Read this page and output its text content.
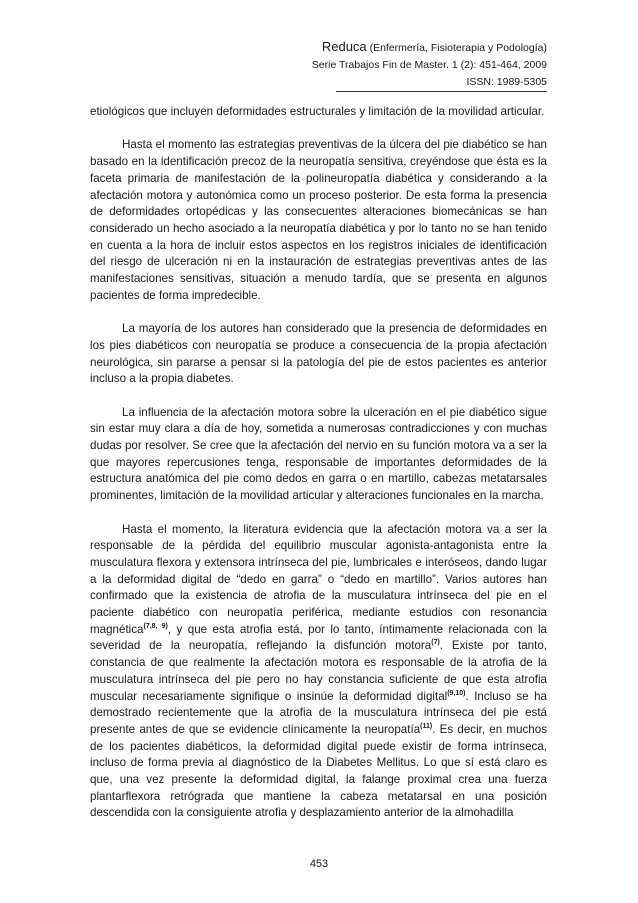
Reduca (Enfermería, Fisioterapia y Podología)
Serie Trabajos Fin de Master. 1 (2): 451-464, 2009
ISSN: 1989-5305

etiológicos que incluyen deformidades estructurales y limitación de la movilidad articular.

Hasta el momento las estrategias preventivas de la úlcera del pie diabético se han basado en la identificación precoz de la neuropatía sensitiva, creyéndose que ésta es la faceta primaria de manifestación de la polineuropatía diabética y considerando a la afectación motora y autonómica como un proceso posterior. De esta forma la presencia de deformidades ortopédicas y las consecuentes alteraciones biomecánicas se han considerado un hecho asociado a la neuropatía diabética y por lo tanto no se han tenido en cuenta a la hora de incluir estos aspectos en los registros iniciales de identificación del riesgo de ulceración ni en la instauración de estrategias preventivas antes de las manifestaciones sensitivas, situación a menudo tardía, que se presenta en algunos pacientes de forma impredecible.

La mayoría de los autores han considerado que la presencia de deformidades en los pies diabéticos con neuropatía se produce a consecuencia de la propia afectación neurológica, sin pararse a pensar si la patología del pie de estos pacientes es anterior incluso a la propia diabetes.

La influencia de la afectación motora sobre la ulceración en el pie diabético sigue sin estar muy clara a día de hoy, sometida a numerosas contradicciones y con muchas dudas por resolver. Se cree que la afectación del nervio en su función motora va a ser la que mayores repercusiones tenga, responsable de importantes deformidades de la estructura anatómica del pie como dedos en garra o en martillo, cabezas metatarsales prominentes, limitación de la movilidad articular y alteraciones funcionales en la marcha.

Hasta el momento, la literatura evidencia que la afectación motora va a ser la responsable de la pérdida del equilibrio muscular agonista-antagonista entre la musculatura flexora y extensora intrínseca del pie, lumbricales e interóseos, dando lugar a la deformidad digital de “dedo en garra” o “dedo en martillo”. Varios autores han confirmado que la existencia de atrofia de la musculatura intrínseca del pie en el paciente diabético con neuropatía periférica, mediante estudios con resonancia magnética$^{(7,8, 9)}$, y que esta atrofia está, por lo tanto, íntimamente relacionada con la severidad de la neuropatía, reflejando la disfunción motora$^{(7)}$. Existe por tanto, constancia de que realmente la afectación motora es responsable de la atrofia de la musculatura intrínseca del pie pero no hay constancia suficiente de que esta atrofia muscular necesariamente signifique o insinúe la deformidad digital$^{(9,10)}$. Incluso se ha demostrado recientemente que la atrofia de la musculatura intrínseca del pie está presente antes de que se evidencie clínicamente la neuropatía$^{(11)}$. Es decir, en muchos de los pacientes diabéticos, la deformidad digital puede existir de forma intrínseca, incluso de forma previa al diagnóstico de la Diabetes Mellitus. Lo que sí está claro es que, una vez presente la deformidad digital, la falange proximal crea una fuerza plantarflexora retrógrada que mantiene la cabeza metatarsal en una posición descendida con la consiguiente atrofia y desplazamiento anterior de la almohadilla

453
